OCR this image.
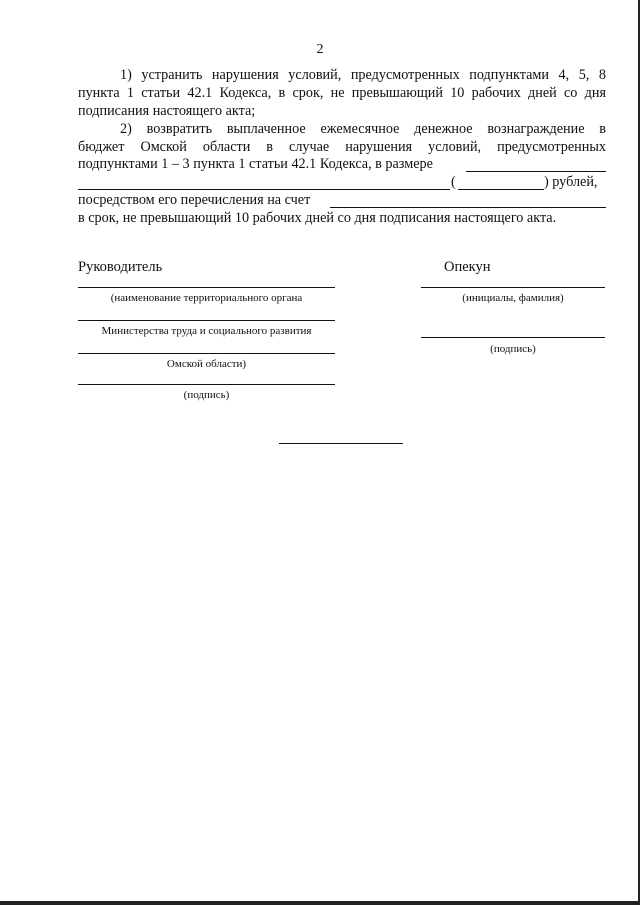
2
1) устранить нарушения условий, предусмотренных подпунктами 4, 5, 8
пункта 1 статьи 42.1 Кодекса, в срок, не превышающий 10 рабочих дней со дня
подписания настоящего акта;
2) возвратить выплаченное ежемесячное денежное вознаграждение в
бюджет Омской области в случае нарушения условий, предусмотренных
подпунктами 1 – 3 пункта 1 статьи 42.1 Кодекса, в размере
(	) рублей,
посредством его перечисления на счет
в срок, не превышающий 10 рабочих дней со дня подписания настоящего акта.
Руководитель
(наименование территориального органа
Министерства труда и социального развития
Омской области)
(подпись)
Опекун
(инициалы, фамилия)
(подпись)
